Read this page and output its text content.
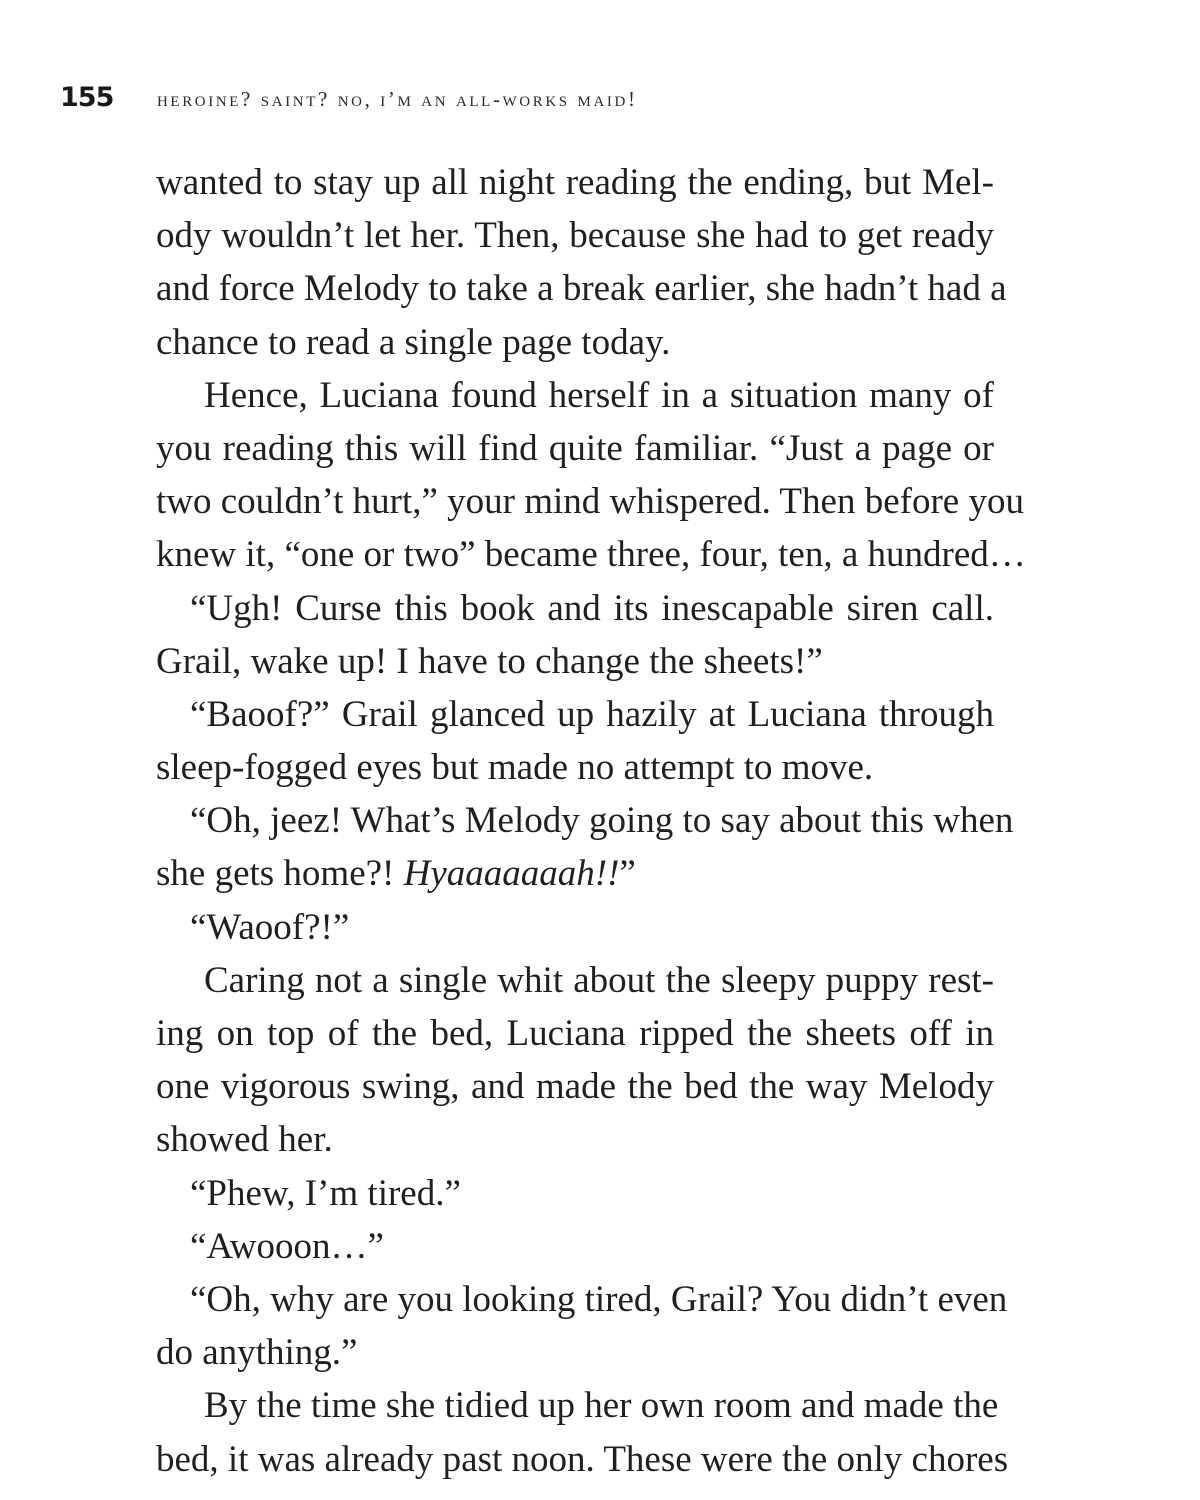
155	heroine? saint? no, i’m an all-works maid!
wanted to stay up all night reading the ending, but Mel-
ody wouldn’t let her. Then, because she had to get ready
and force Melody to take a break earlier, she hadn’t had a
chance to read a single page today.
Hence, Luciana found herself in a situation many of
you reading this will find quite familiar. “Just a page or
two couldn’t hurt,” your mind whispered. Then before you
knew it, “one or two” became three, four, ten, a hundred…
“Ugh! Curse this book and its inescapable siren call.
Grail, wake up! I have to change the sheets!”
“Baoof?” Grail glanced up hazily at Luciana through
sleep-fogged eyes but made no attempt to move.
“Oh, jeez! What’s Melody going to say about this when
she gets home?! Hyaaaaaaah!!”
“Waoof?!”
Caring not a single whit about the sleepy puppy rest-
ing on top of the bed, Luciana ripped the sheets off in
one vigorous swing, and made the bed the way Melody
showed her.
“Phew, I’m tired.”
“Awooon…”
“Oh, why are you looking tired, Grail? You didn’t even
do anything.”
By the time she tidied up her own room and made the
bed, it was already past noon. These were the only chores
